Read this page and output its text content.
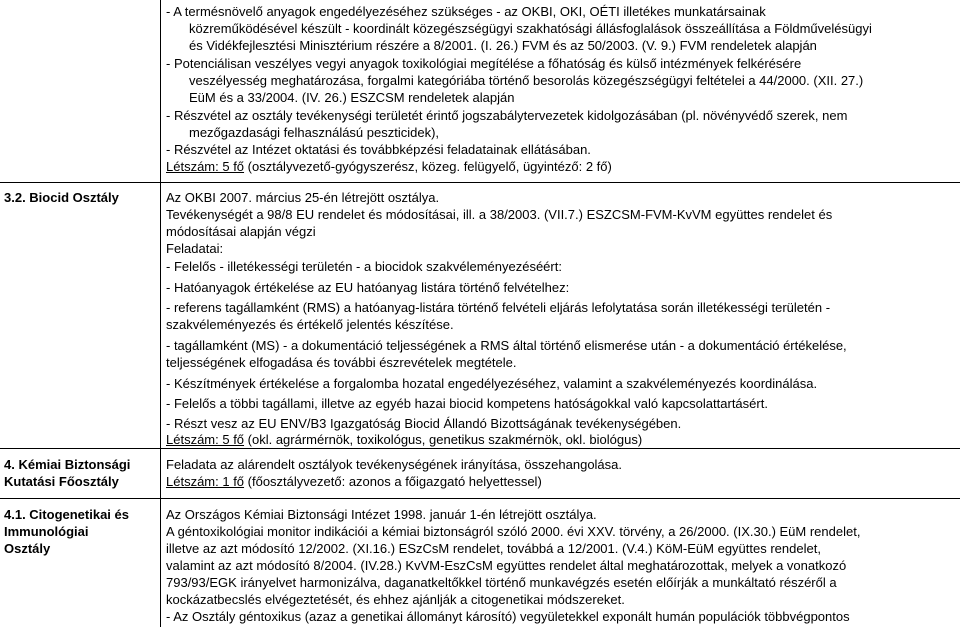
- A termésnövelő anyagok engedélyezéséhez szükséges - az OKBI, OKI, OÉTI illetékes munkatársainak
közreműködésével készült - koordinált közegészségügyi szakhatósági állásfoglalások összeállítása a Földművelésügyi
és Vidékfejlesztési Minisztérium részére a 8/2001. (I. 26.) FVM és az 50/2003. (V. 9.) FVM rendeletek alapján
- Potenciálisan veszélyes vegyi anyagok toxikológiai megítélése a főhatóság és külső intézmények felkérésére
veszélyesség meghatározása, forgalmi kategóriába történő besorolás közegészségügyi feltételei a 44/2000. (XII. 27.)
EüM és a 33/2004. (IV. 26.) ESZCSM rendeletek alapján
- Részvétel az osztály tevékenységi területét érintő jogszabálytervezetek kidolgozásában (pl. növényvédő szerek, nem
mezőgazdasági felhasználású peszticidek),
- Részvétel az Intézet oktatási és továbbképzési feladatainak ellátásában.
Létszám: 5 fő (osztályvezető-gyógyszerész, közeg. felügyelő, ügyintéző: 2 fő)
3.2. Biocid Osztály	Az OKBI 2007. március 25-én létrejött osztálya.
Tevékenységét a 98/8 EU rendelet és módosításai, ill. a 38/2003. (VII.7.) ESZCSM-FVM-KvVM együttes rendelet és
módosításai alapján végzi
Feladatai:
- Felelős - illetékességi területén - a biocidok szakvéleményezéséért:
- Hatóanyagok értékelése az EU hatóanyag listára történő felvételhez:
- referens tagállamként (RMS) a hatóanyag-listára történő felvételi eljárás lefolytatása során illetékességi területén -
szakvéleményezés és értékelő jelentés készítése.
- tagállamként (MS) - a dokumentáció teljességének a RMS által történő elismerése után - a dokumentáció értékelése,
teljességének elfogadása és további észrevételek megtétele.
- Készítmények értékelése a forgalomba hozatal engedélyezéséhez, valamint a szakvéleményezés koordinálása.
- Felelős a többi tagállami, illetve az egyéb hazai biocid kompetens hatóságokkal való kapcsolattartásért.
- Részt vesz az EU ENV/B3 Igazgatóság Biocid Állandó Bizottságának tevékenységében.
Létszám: 5 fő (okl. agrármérnök, toxikológus, genetikus szakmérnök, okl. biológus)
4. Kémiai Biztonsági
Kutatási Főosztály
Feladata az alárendelt osztályok tevékenységének irányítása, összehangolása.
Létszám: 1 fő (főosztályvezető: azonos a főigazgató helyettessel)
4.1. Citogenetikai és
Immunológiai
Osztály
Az Országos Kémiai Biztonsági Intézet 1998. január 1-én létrejött osztálya.
A géntoxikológiai monitor indikációi a kémiai biztonságról szóló 2000. évi XXV. törvény, a 26/2000. (IX.30.) EüM rendelet,
illetve az azt módosító 12/2002. (XI.16.) ESzCsM rendelet, továbbá a 12/2001. (V.4.) KöM-EüM együttes rendelet,
valamint az azt módosító 8/2004. (IV.28.) KvVM-EszCsM együttes rendelet által meghatározottak, melyek a vonatkozó
793/93/EGK irányelvet harmonizálva, daganatkeltőkkel történő munkavégzés esetén előírják a munkáltató részéről a
kockázatbecslés elvégeztetését, és ehhez ajánlják a citogenetikai módszereket.
- Az Osztály géntoxikus (azaz a genetikai állományt károsító) vegyületekkel exponált humán populációk többvégpontos
